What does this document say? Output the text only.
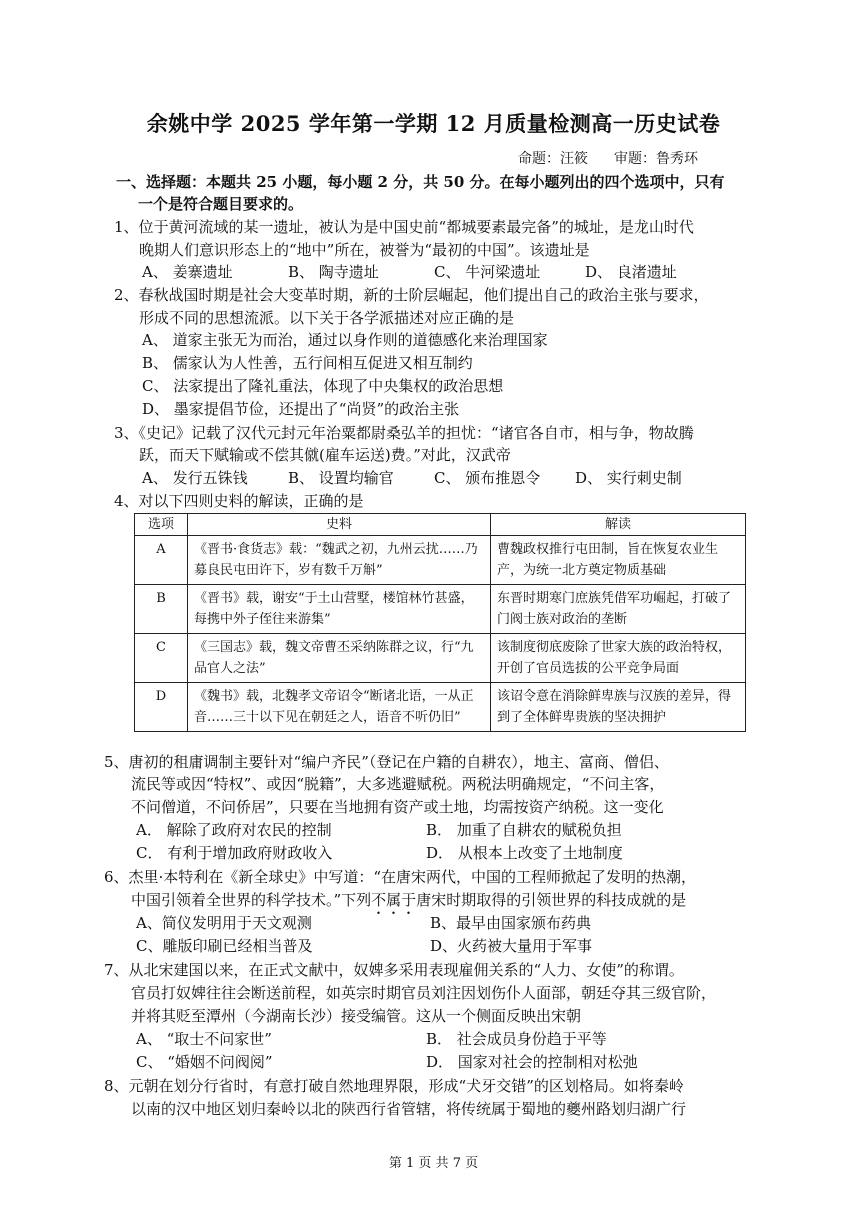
余姚中学 2025 学年第一学期 12 月质量检测高一历史试卷
命题：汪筱 审题：鲁秀环
一、选择题：本题共 25 小题，每小题 2 分，共 50 分。在每小题列出的四个选项中，只有
一个是符合题目要求的。
1、位于黄河流域的某一遗址，被认为是中国史前“都城要素最完备”的城址，是龙山时代
晚期人们意识形态上的“地中”所在，被誉为“最初的中国”。该遗址是
A、 姜寨遗址	B、 陶寺遗址	C、 牛河梁遗址	D、 良渚遗址
2、春秋战国时期是社会大变革时期，新的士阶层崛起，他们提出自己的政治主张与要求，
形成不同的思想流派。以下关于各学派描述对应正确的是
A、 道家主张无为而治，通过以身作则的道德感化来治理国家
B、 儒家认为人性善，五行间相互促进又相互制约
C、 法家提出了隆礼重法，体现了中央集权的政治思想
D、 墨家提倡节俭，还提出了“尚贤”的政治主张
3、《史记》记载了汉代元封元年治粟都尉桑弘羊的担忧：“诸官各自市，相与争，物故腾
跃，而天下赋输或不偿其僦(雇车运送)费。”对此，汉武帝
A、 发行五铢钱	B、 设置均输官	C、 颁布推恩令 D、 实行刺史制
4、对以下四则史料的解读，正确的是
选项	史料	解读
A	《晋书·食货志》载：“魏武之初，九州云扰……乃募良民屯田许下，岁有数千万斛”	曹魏政权推行屯田制，旨在恢复农业生产，为统一北方奠定物质基础
B	《晋书》载，谢安“于土山营墅，楼馆林竹甚盛，每携中外子侄往来游集”	东晋时期寒门庶族凭借军功崛起，打破了门阀士族对政治的垄断
C	《三国志》载，魏文帝曹丕采纳陈群之议，行“九品官人之法”	该制度彻底废除了世家大族的政治特权，开创了官员选拔的公平竞争局面
D	《魏书》载，北魏孝文帝诏令“断诸北语，一从正音……三十以下见在朝廷之人，语音不听仍旧”	该诏令意在消除鲜卑族与汉族的差异，得到了全体鲜卑贵族的坚决拥护
5、唐初的租庸调制主要针对“编户齐民”（登记在户籍的自耕农），地主、富商、僧侣、
流民等或因“特权”、或因“脱籍”，大多逃避赋税。两税法明确规定，“不问主客，
不问僧道，不问侨居”，只要在当地拥有资产或土地，均需按资产纳税。这一变化
A． 解除了政府对农民的控制	B． 加重了自耕农的赋税负担
C． 有利于增加政府财政收入	D． 从根本上改变了土地制度
6、杰里·本特利在《新全球史》中写道：“在唐宋两代，中国的工程师掀起了发明的热潮，
中国引领着全世界的科学技术。”下列不属于唐宋时期取得的引领世界的科技成就的是
A、简仪发明用于天文观测	B、最早由国家颁布药典
C、雕版印刷已经相当普及	D、火药被大量用于军事
7、从北宋建国以来，在正式文献中，奴婢多采用表现雇佣关系的“人力、女使”的称谓。
官员打奴婢往往会断送前程，如英宗时期官员刘注因划伤仆人面部，朝廷夺其三级官阶，
并将其贬至潭州（今湖南长沙）接受编管。这从一个侧面反映出宋朝
A、 “取士不问家世”	B． 社会成员身份趋于平等
C、 “婚姻不问阀阅”	D． 国家对社会的控制相对松弛
8、元朝在划分行省时，有意打破自然地理界限，形成“犬牙交错”的区划格局。如将秦岭
以南的汉中地区划归秦岭以北的陕西行省管辖，将传统属于蜀地的夔州路划归湖广行
第 1 页 共 7 页
